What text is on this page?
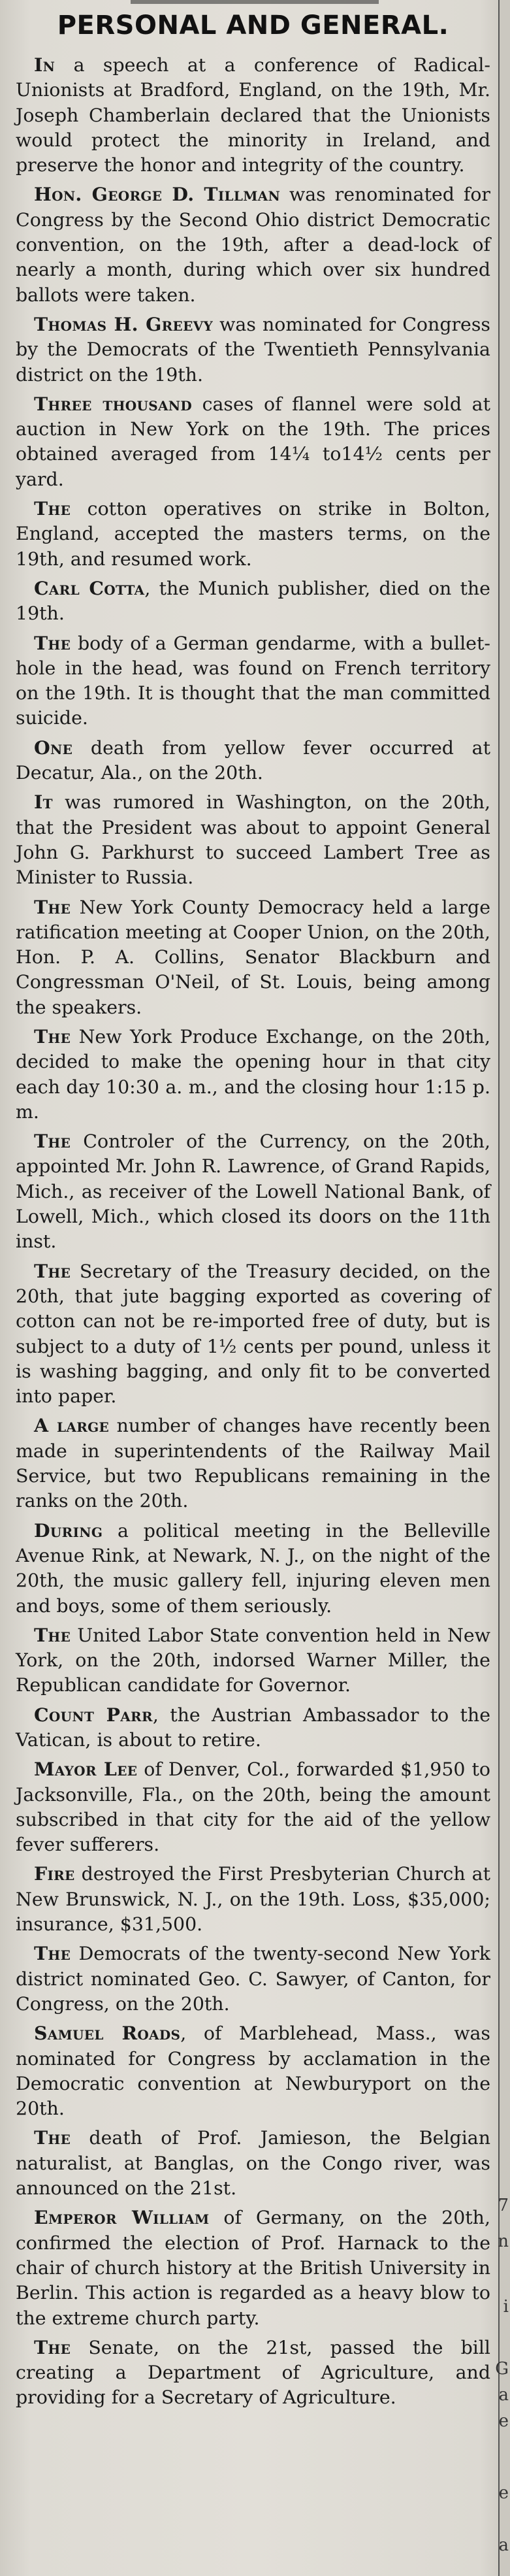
7
n
i
G
a
e
e
a
PERSONAL AND GENERAL.

In a speech at a conference of Radical-Unionists at Bradford, England, on the 19th, Mr. Joseph Chamberlain declared that the Unionists would protect the minority in Ireland, and preserve the honor and integrity of the country.

Hon. George D. Tillman was renominated for Congress by the Second Ohio district Democratic convention, on the 19th, after a dead-lock of nearly a month, during which over six hundred ballots were taken.

Thomas H. Greevy was nominated for Congress by the Democrats of the Twentieth Pennsylvania district on the 19th.

Three thousand cases of flannel were sold at auction in New York on the 19th. The prices obtained averaged from 14¼ to14½ cents per yard.

The cotton operatives on strike in Bolton, England, accepted the masters terms, on the 19th, and resumed work.

Carl Cotta, the Munich publisher, died on the 19th.

The body of a German gendarme, with a bullet-hole in the head, was found on French territory on the 19th. It is thought that the man committed suicide.

One death from yellow fever occurred at Decatur, Ala., on the 20th.

It was rumored in Washington, on the 20th, that the President was about to appoint General John G. Parkhurst to succeed Lambert Tree as Minister to Russia.

The New York County Democracy held a large ratification meeting at Cooper Union, on the 20th, Hon. P. A. Collins, Senator Blackburn and Congressman O'Neil, of St. Louis, being among the speakers.

The New York Produce Exchange, on the 20th, decided to make the opening hour in that city each day 10:30 a. m., and the closing hour 1:15 p. m.

The Controler of the Currency, on the 20th, appointed Mr. John R. Lawrence, of Grand Rapids, Mich., as receiver of the Lowell National Bank, of Lowell, Mich., which closed its doors on the 11th inst.

The Secretary of the Treasury decided, on the 20th, that jute bagging exported as covering of cotton can not be re-imported free of duty, but is subject to a duty of 1½ cents per pound, unless it is washing bagging, and only fit to be converted into paper.

A large number of changes have recently been made in superintendents of the Railway Mail Service, but two Republicans remaining in the ranks on the 20th.

During a political meeting in the Belleville Avenue Rink, at Newark, N. J., on the night of the 20th, the music gallery fell, injuring eleven men and boys, some of them seriously.

The United Labor State convention held in New York, on the 20th, indorsed Warner Miller, the Republican candidate for Governor.

Count Parr, the Austrian Ambassador to the Vatican, is about to retire.

Mayor Lee of Denver, Col., forwarded $1,950 to Jacksonville, Fla., on the 20th, being the amount subscribed in that city for the aid of the yellow fever sufferers.

Fire destroyed the First Presbyterian Church at New Brunswick, N. J., on the 19th. Loss, $35,000; insurance, $31,500.

The Democrats of the twenty-second New York district nominated Geo. C. Sawyer, of Canton, for Congress, on the 20th.

Samuel Roads, of Marblehead, Mass., was nominated for Congress by acclamation in the Democratic convention at Newburyport on the 20th.

The death of Prof. Jamieson, the Belgian naturalist, at Banglas, on the Congo river, was announced on the 21st.

Emperor William of Germany, on the 20th, confirmed the election of Prof. Harnack to the chair of church history at the British University in Berlin. This action is regarded as a heavy blow to the extreme church party.

The Senate, on the 21st, passed the bill creating a Department of Agriculture, and providing for a Secretary of Agriculture.
